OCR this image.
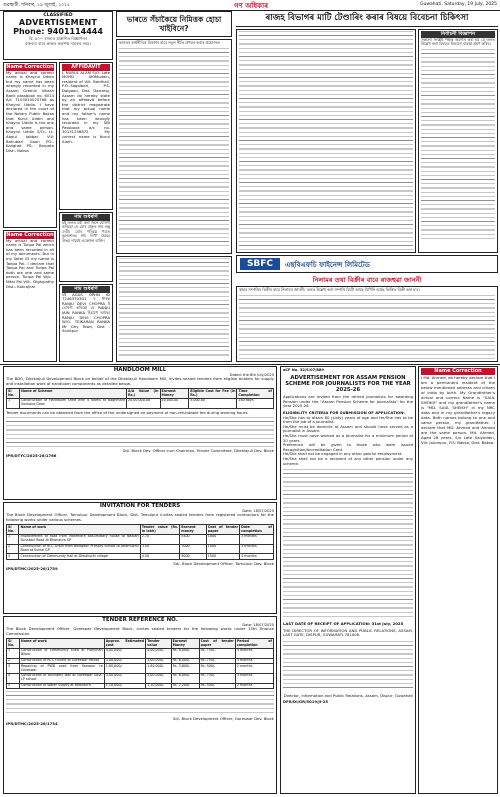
গুৱাহাটী, শনিবাৰ, ১৯ জুলাই, ২০২৫	গণ অধিকাৰ	Guwahati, Saturday, 19 July, 2025
CLASSIFIED
ADVERTISEMENT
Phone: 9401114444
বি: দ্ৰ:— ৰাজ্যত প্ৰকাশিত বিজ্ঞাপনৰ
বক্তব্যৰ বাবে কাকত কৰ্তৃপক্ষ দায়বদ্ধ নহয়।
Name Correction
My actual and correct name is Khayrul Uddin but my name has been wrongly recorded in my Assam Gramin Vikash Bank passbook no. 6014 A/c 7103010025768 as Khayrul Uddin. I have declared in the court of the Notary Public Baksa that Kurul Uddin and Khayrul Uddin is the one and same person. Khayrul Uddin S/O:- Lt. Abdul Jabbar Vill: Bahubari Gaon PO:- Kalighat PS:- Barpeta Dist:- Baksa
Name Correction
My actual and correct name is Tunpa Pal which has been recorded in all of my documents. But in my Voter ID my name is Tanpa Pal. I declare that Tanpa Pal and Tunpa Pal both are one and same person. Tunpa Pal W/o - Nitai Pal Vill:- Dighipathy Dist:- Kokrajhar
AFFIDAVIT
I, NURUL ALAM S/O: Late MOHD AKIMuddin, resident of Vill: Bordhali, P.O.-Sagolbari, P.S. Dalgaon, Dist. Darrang, Assam do hereby state by an affidavit before the district magistrate that my actual name and my father's name has been wrongly recorded in my SBI Passbook a/c no. 30131236872. My correct name is Nurul Alam.
নাম শুধৰণি
মই তলত চহী কৰা জনে ঘোষণা কৰিছো যে মোৰ প্ৰকৃত নাম ৰঞ্জু দেৱী। মোৰ পৰিচয় পত্ৰত ভুলবশতঃ নাম লিখা হৈছে। উভয় নামেই একেজন ব্যক্তি।
নাম শুধৰণি
মই AGUS OPHN ID 72463703D1 ৰ ধাৰক RANJU DEVI CHOPRA ই ঘোষণা কৰিছো যে RANJU JAIN RANKA হিচাপে আছে। RANJU DEVI CHOPRA W/O- TEJKARAN RANKA Mr Ghy Town, Dist - Sonitpur
ভাৰতে সঁচাকৈয়ে নিমিত্তক হোচা খাইবিনে?
ভাৰতৰ অৰ্থনীতিৰ বিকাশৰ বাবে নতুন নীতি প্ৰণয়ন কৰাৰ প্ৰয়োজন।
ৰাজহ বিভাগৰ মাটি টেণ্ডাৰিং কৰাৰ বিষয়ে বিবেচনা চিকিৎসা
নিৰ্বাচনী বিজ্ঞাপন
সকলো সংশ্লিষ্ট পক্ষক অৱগত কৰা হয় যে তলত উল্লেখ কৰা বিষয়ত বিভাগে ব্যৱস্থা গ্ৰহণ কৰিব।
SBFC	এছবিএফচি ফাইনেন্স লিমিটেড
নিলামৰ তথা বিক্ৰীৰ বাবে ৰাজহুৱা জাননী
স্থাৱৰ সম্পত্তিৰ বিক্ৰীৰ বাবে নিলামৰ জাননী। তলত উল্লেখ কৰা সম্পত্তি যিটো আছে যিখিনি আছে ভিত্তিত বিক্ৰী কৰা হ'ব।
HANDLOOM MILL
Dated: the 8th July/2025
The BDO, Dhekiajuli Development Block on behalf of the Dhekiajuli Handloom Mill, invites sealed tenders from eligible bidders for supply and installation work of handloom components as detailed below.
Sl No.	Name of Scheme	A/A Value (in Rs.)	Earnest Money	Eligible Cost for Fee (in Rs.)	Time of Completion
1	Construction of Handloom Shed with 4 looms at Baghmara Sonkona Gaon	20,00,000.00	40,000.00	5,000.00	180 days
Tender documents can be obtained from the office of the undersigned on payment of non-refundable fee during working hours.
Sd/- Block Dev. Officer cum Chairman, Tender Committee, Dhekiajuli Dev. Block
IPR/DTYC/2025-26/1766
INVITATION FOR TENDERS
Date: 18/07/2025
The Block Development Officer, Tamulpur Development Block, Dist. Tamulpur invites sealed tenders from registered contractors for the following works under various schemes.
Sl No.	Name of work	Tender value (Rs. in lakh)	Earnest money	Cost of tender paper	Date of completion
1	Improvement of road from Mahendra Basumatary house to Nalbari Sonabari Road at Bhandura GP	2.70	5400	1000	3 months
2	Construction of RCC Drain from Bolagaon Primary School to Jaramukhu Road at Suklai GP	3.50	7000	1000	3 months
3	Construction of Community Hall at Dimakuchi village	4.50	9000	1500	4 months
Sd/- Block Development Officer, Tamulpur Dev. Block
IPR/DTMC/2025-26/1759
TENDER REFERENCE NO.
Date: 18/07/2025
The Block Development Officer, Goreswar Development Block, invites sealed tenders for the following works under 15th Finance Commission.
Sl No.	Name of work	Approx. Estimated cost	Tender value	Earnest Money	Cost of tender paper	Period of completion
1	Construction of community shed at Puthimari Bilpar	4,00,000/-	4,00,000/-	Rs. 8,000/-	Rs. 750/-	3 months
2	Construction of RCC culvert at Goreswar Pathar	3,00,000/-	3,00,000/-	Rs. 6,000/-	Rs. 750/-	3 months
3	Repairing of PWD road from Sonapur to Goreswar	1,80,000/-	1,80,000/-	Rs. 3,600/-	Rs. 500/-	2 months
4	Construction of boundary wall at Goreswar Govt. LP school	3,00,000/-	3,00,000/-	Rs. 6,000/-	Rs. 750/-	3 months
5	Construction of Water Supply at Bhandura	1,10,000/-	1,10,000/-	Rs. 2,200/-	Rs. 500/-	2 months
Sd/- Block Development Officer, Goreswar Dev. Block
IPR/DTMC/2025-26/1734
aCF No. 32/S/07/889
ADVERTISEMENT FOR ASSAM PENSION SCHEME FOR JOURNALISTS FOR THE YEAR 2025-26
Applications are invited from the retired journalists for awarding Pension under the "Assam Pension Scheme for Journalists" for the year 2025-26.
ELIGIBILITY CRITERIA FOR SUBMISSION OF APPLICATION:
He/She has to attain 60 (sixty) years of age and He/She has to be from the job of a Journalist.
He/She must be domicile of Assam and should have served as a Journalist in Assam.
He/She must have worked as a Journalist for a minimum period of 20 years.
Preference will be given to those who were issued Recognition/Accreditation Card.
He/She shall not be engaged in any other gainful employment.
He/She shall not be a recipient of any other pension under any scheme.
LAST DATE OF RECEIPT OF APPLICATION: 31st July, 2025
THE DIRECTOR OF INFORMATION AND PUBLIC RELATIONS, ASSAM, LAST GATE, DISPUR, GUWAHATI-781006.
Director, Information and Public Relations, Assam, Dispur, Guwahati
DFR/DI/GR/5019/JI-25
Name Correction
I Md. Ahmed, do hereby declare that I am a permanent resident of the below mentioned address and citizen of India by birth. My Grandfather's actual and correct Name is "SAUL SHEIKH" and my grandfather's name is "MD. SAUL SHEIKH" in my NRC data and in my grandfather's legacy data. Both names belong to one and same person, my grandfather. I declare that MD. Ahmed and Ahmed are the same person. Md. Ahmed, Aged 28 years, S/o Late Saiyoddin, Vill: Jalumpur, P.S: Baksa, Dist: Baksa.
